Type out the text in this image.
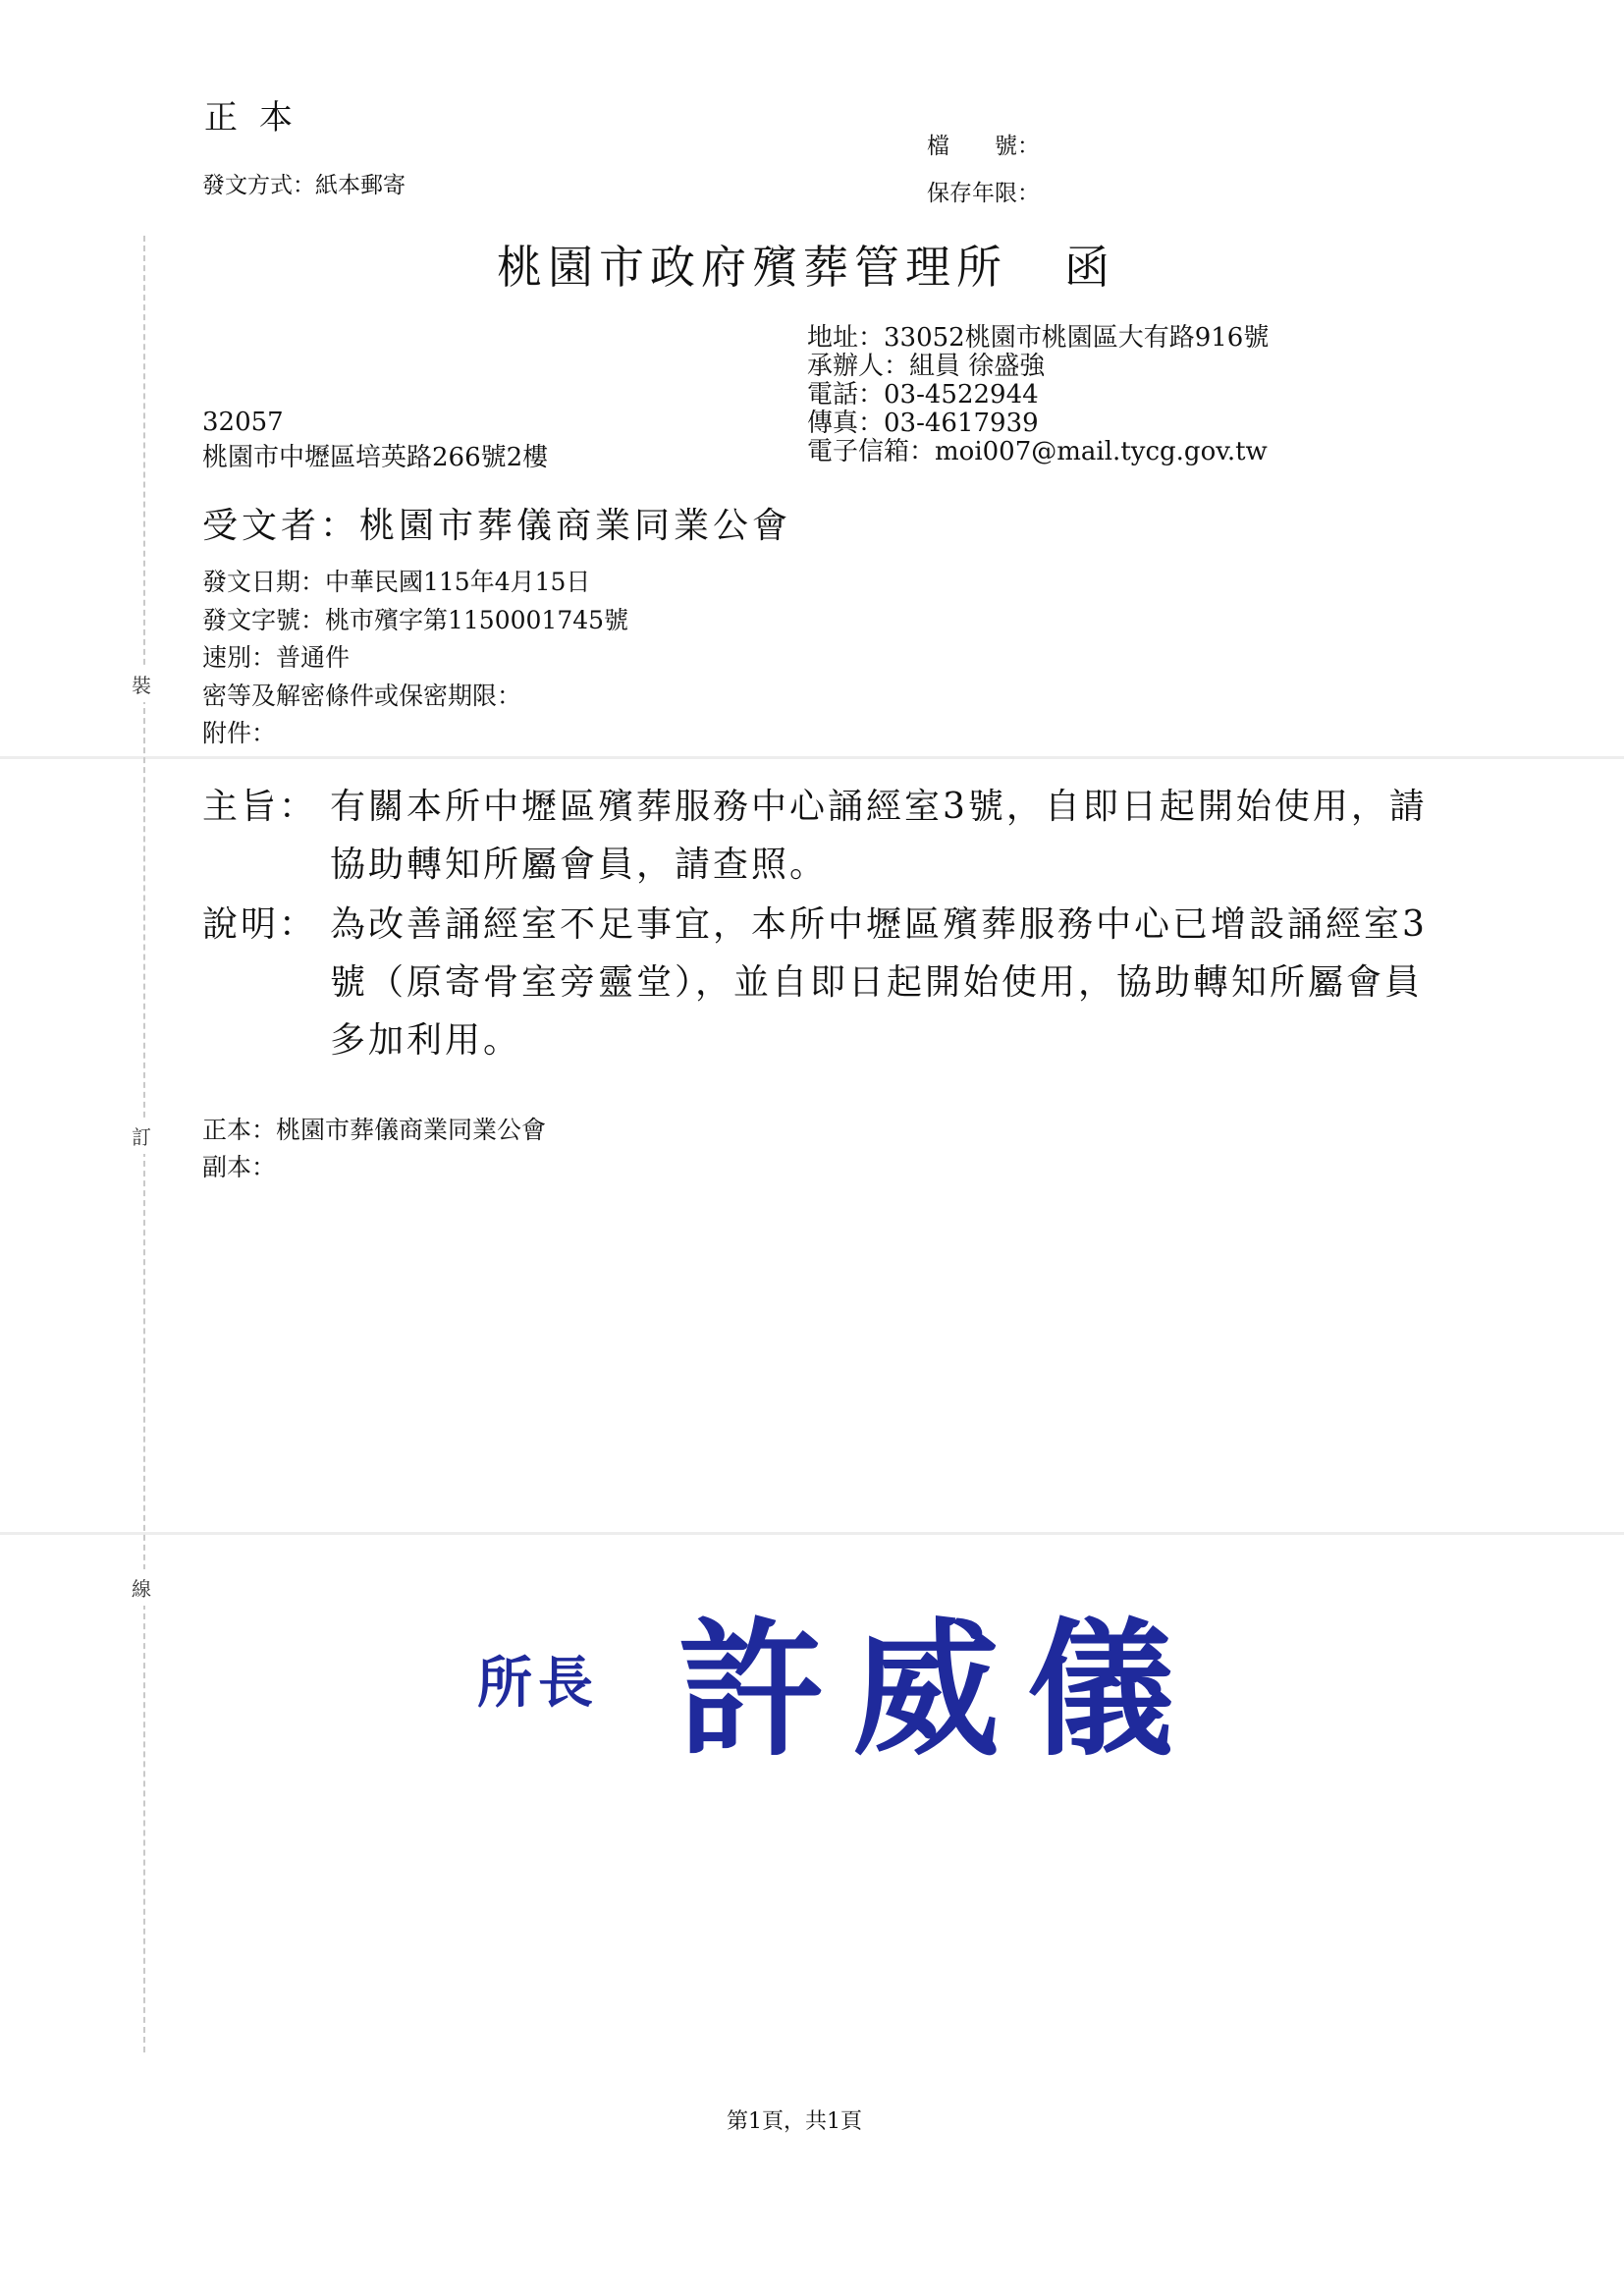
裝
訂
線
正本
發文方式：紙本郵寄
檔　　號：
保存年限：
桃園市政府殯葬管理所 函
地址 ：33052桃園市桃園區大有路916號
承辦人 ：組員 徐盛強
電話 ：03-4522944
傳真 ：03-4617939
電子信箱 ：moi007@mail.tycg.gov.tw
32057
桃園市中壢區培英路266號2樓
受文者：桃園市葬儀商業同業公會
發文日期：中華民國115年4月15日
發文字號：桃市殯字第1150001745號
速別：普通件
密等及解密條件或保密期限：
附件：
主旨： 有關本所中壢區殯葬服務中心誦經室3號，自即日起開始使用，請協助轉知所屬會員，請查照。
說明： 為改善誦經室不足事宜，本所中壢區殯葬服務中心已增設誦經室3號（原寄骨室旁靈堂），並自即日起開始使用，協助轉知所屬會員多加利用。
正本：桃園市葬儀商業同業公會
副本：
所長 許威儀
第1頁，共1頁
